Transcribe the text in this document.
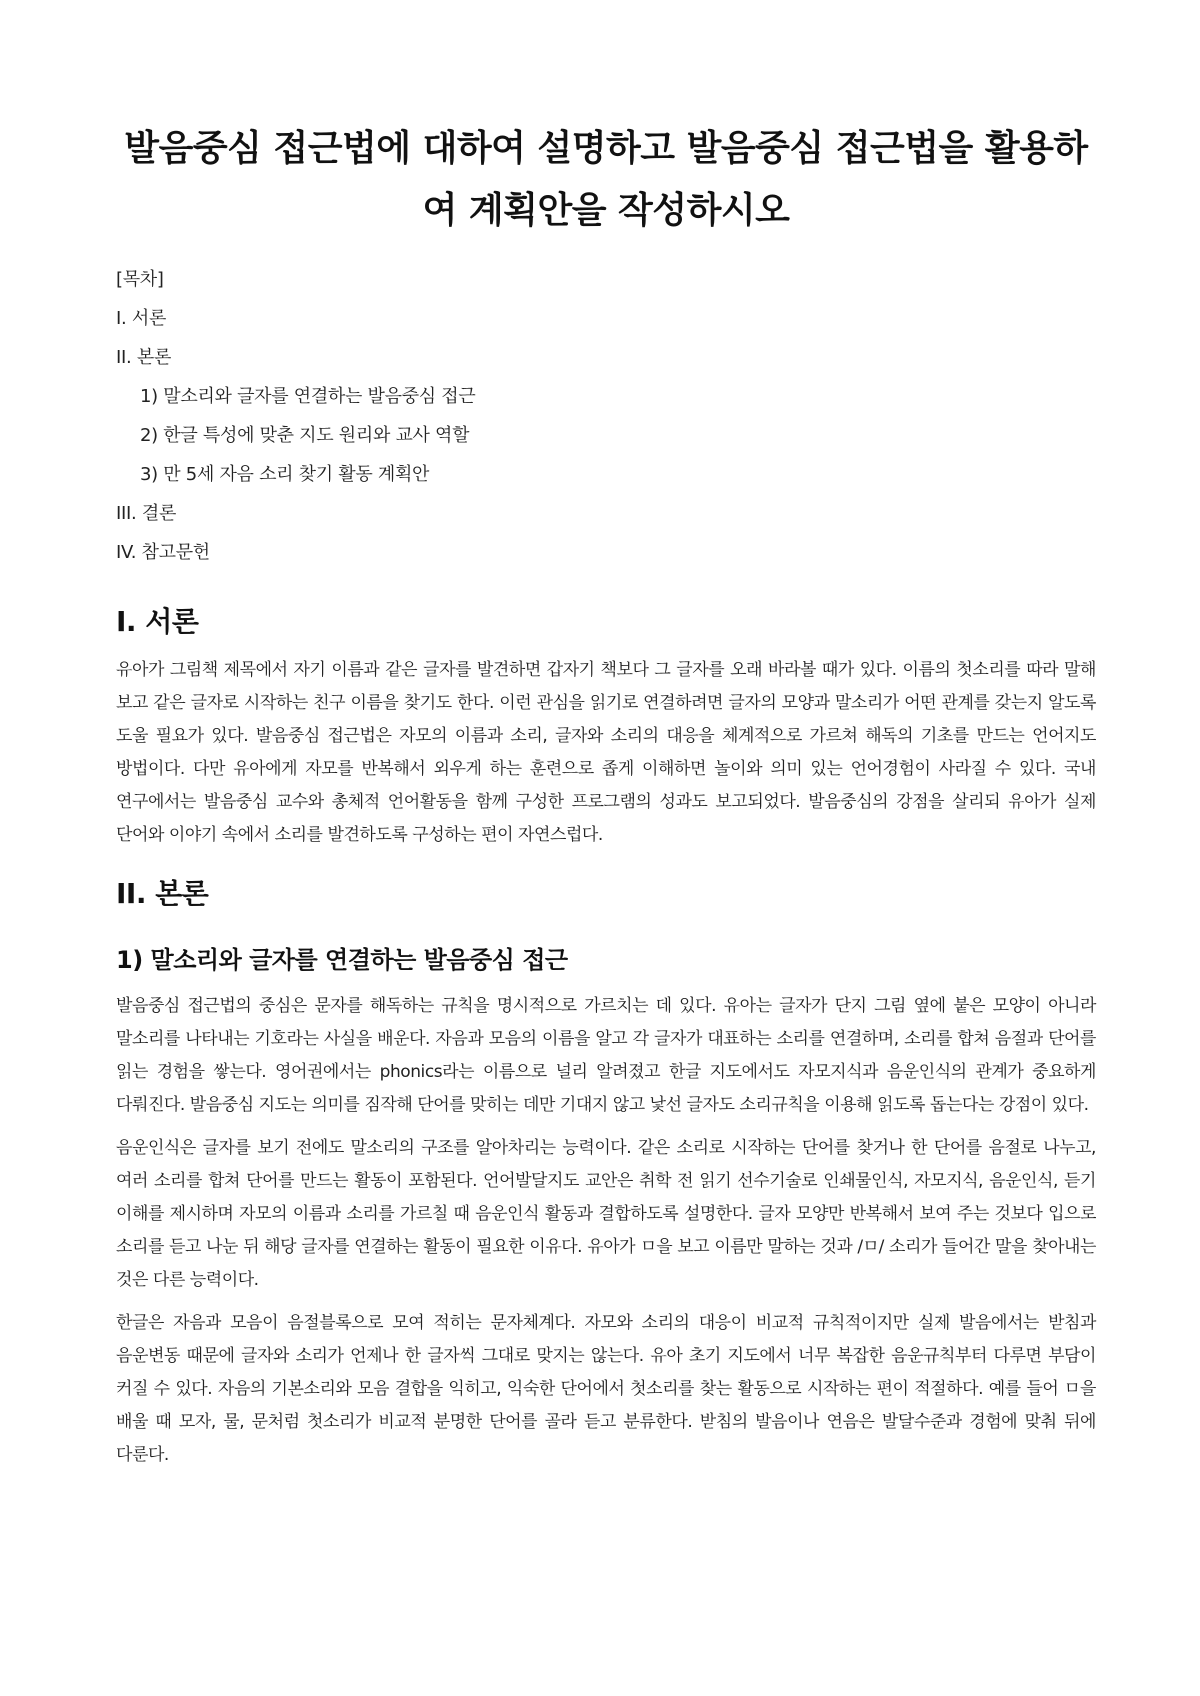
발음중심 접근법에 대하여 설명하고 발음중심 접근법을 활용하여 계획안을 작성하시오
[목차]
I. 서론
II. 본론
1) 말소리와 글자를 연결하는 발음중심 접근
2) 한글 특성에 맞춘 지도 원리와 교사 역할
3) 만 5세 자음 소리 찾기 활동 계획안
III. 결론
IV. 참고문헌
I. 서론

유아가 그림책 제목에서 자기 이름과 같은 글자를 발견하면 갑자기 책보다 그 글자를 오래 바라볼 때가 있다. 이름의 첫소리를 따라 말해 보고 같은 글자로 시작하는 친구 이름을 찾기도 한다. 이런 관심을 읽기로 연결하려면 글자의 모양과 말소리가 어떤 관계를 갖는지 알도록 도울 필요가 있다. 발음중심 접근법은 자모의 이름과 소리, 글자와 소리의 대응을 체계적으로 가르쳐 해독의 기초를 만드는 언어지도 방법이다. 다만 유아에게 자모를 반복해서 외우게 하는 훈련으로 좁게 이해하면 놀이와 의미 있는 언어경험이 사라질 수 있다. 국내 연구에서는 발음중심 교수와 총체적 언어활동을 함께 구성한 프로그램의 성과도 보고되었다. 발음중심의 강점을 살리되 유아가 실제 단어와 이야기 속에서 소리를 발견하도록 구성하는 편이 자연스럽다.

II. 본론
1) 말소리와 글자를 연결하는 발음중심 접근

발음중심 접근법의 중심은 문자를 해독하는 규칙을 명시적으로 가르치는 데 있다. 유아는 글자가 단지 그림 옆에 붙은 모양이 아니라 말소리를 나타내는 기호라는 사실을 배운다. 자음과 모음의 이름을 알고 각 글자가 대표하는 소리를 연결하며, 소리를 합쳐 음절과 단어를 읽는 경험을 쌓는다. 영어권에서는 phonics라는 이름으로 널리 알려졌고 한글 지도에서도 자모지식과 음운인식의 관계가 중요하게 다뤄진다. 발음중심 지도는 의미를 짐작해 단어를 맞히는 데만 기대지 않고 낯선 글자도 소리규칙을 이용해 읽도록 돕는다는 강점이 있다.

음운인식은 글자를 보기 전에도 말소리의 구조를 알아차리는 능력이다. 같은 소리로 시작하는 단어를 찾거나 한 단어를 음절로 나누고, 여러 소리를 합쳐 단어를 만드는 활동이 포함된다. 언어발달지도 교안은 취학 전 읽기 선수기술로 인쇄물인식, 자모지식, 음운인식, 듣기 이해를 제시하며 자모의 이름과 소리를 가르칠 때 음운인식 활동과 결합하도록 설명한다. 글자 모양만 반복해서 보여 주는 것보다 입으로 소리를 듣고 나눈 뒤 해당 글자를 연결하는 활동이 필요한 이유다. 유아가 ㅁ을 보고 이름만 말하는 것과 /ㅁ/ 소리가 들어간 말을 찾아내는 것은 다른 능력이다.

한글은 자음과 모음이 음절블록으로 모여 적히는 문자체계다. 자모와 소리의 대응이 비교적 규칙적이지만 실제 발음에서는 받침과 음운변동 때문에 글자와 소리가 언제나 한 글자씩 그대로 맞지는 않는다. 유아 초기 지도에서 너무 복잡한 음운규칙부터 다루면 부담이 커질 수 있다. 자음의 기본소리와 모음 결합을 익히고, 익숙한 단어에서 첫소리를 찾는 활동으로 시작하는 편이 적절하다. 예를 들어 ㅁ을 배울 때 모자, 물, 문처럼 첫소리가 비교적 분명한 단어를 골라 듣고 분류한다. 받침의 발음이나 연음은 발달수준과 경험에 맞춰 뒤에 다룬다.
